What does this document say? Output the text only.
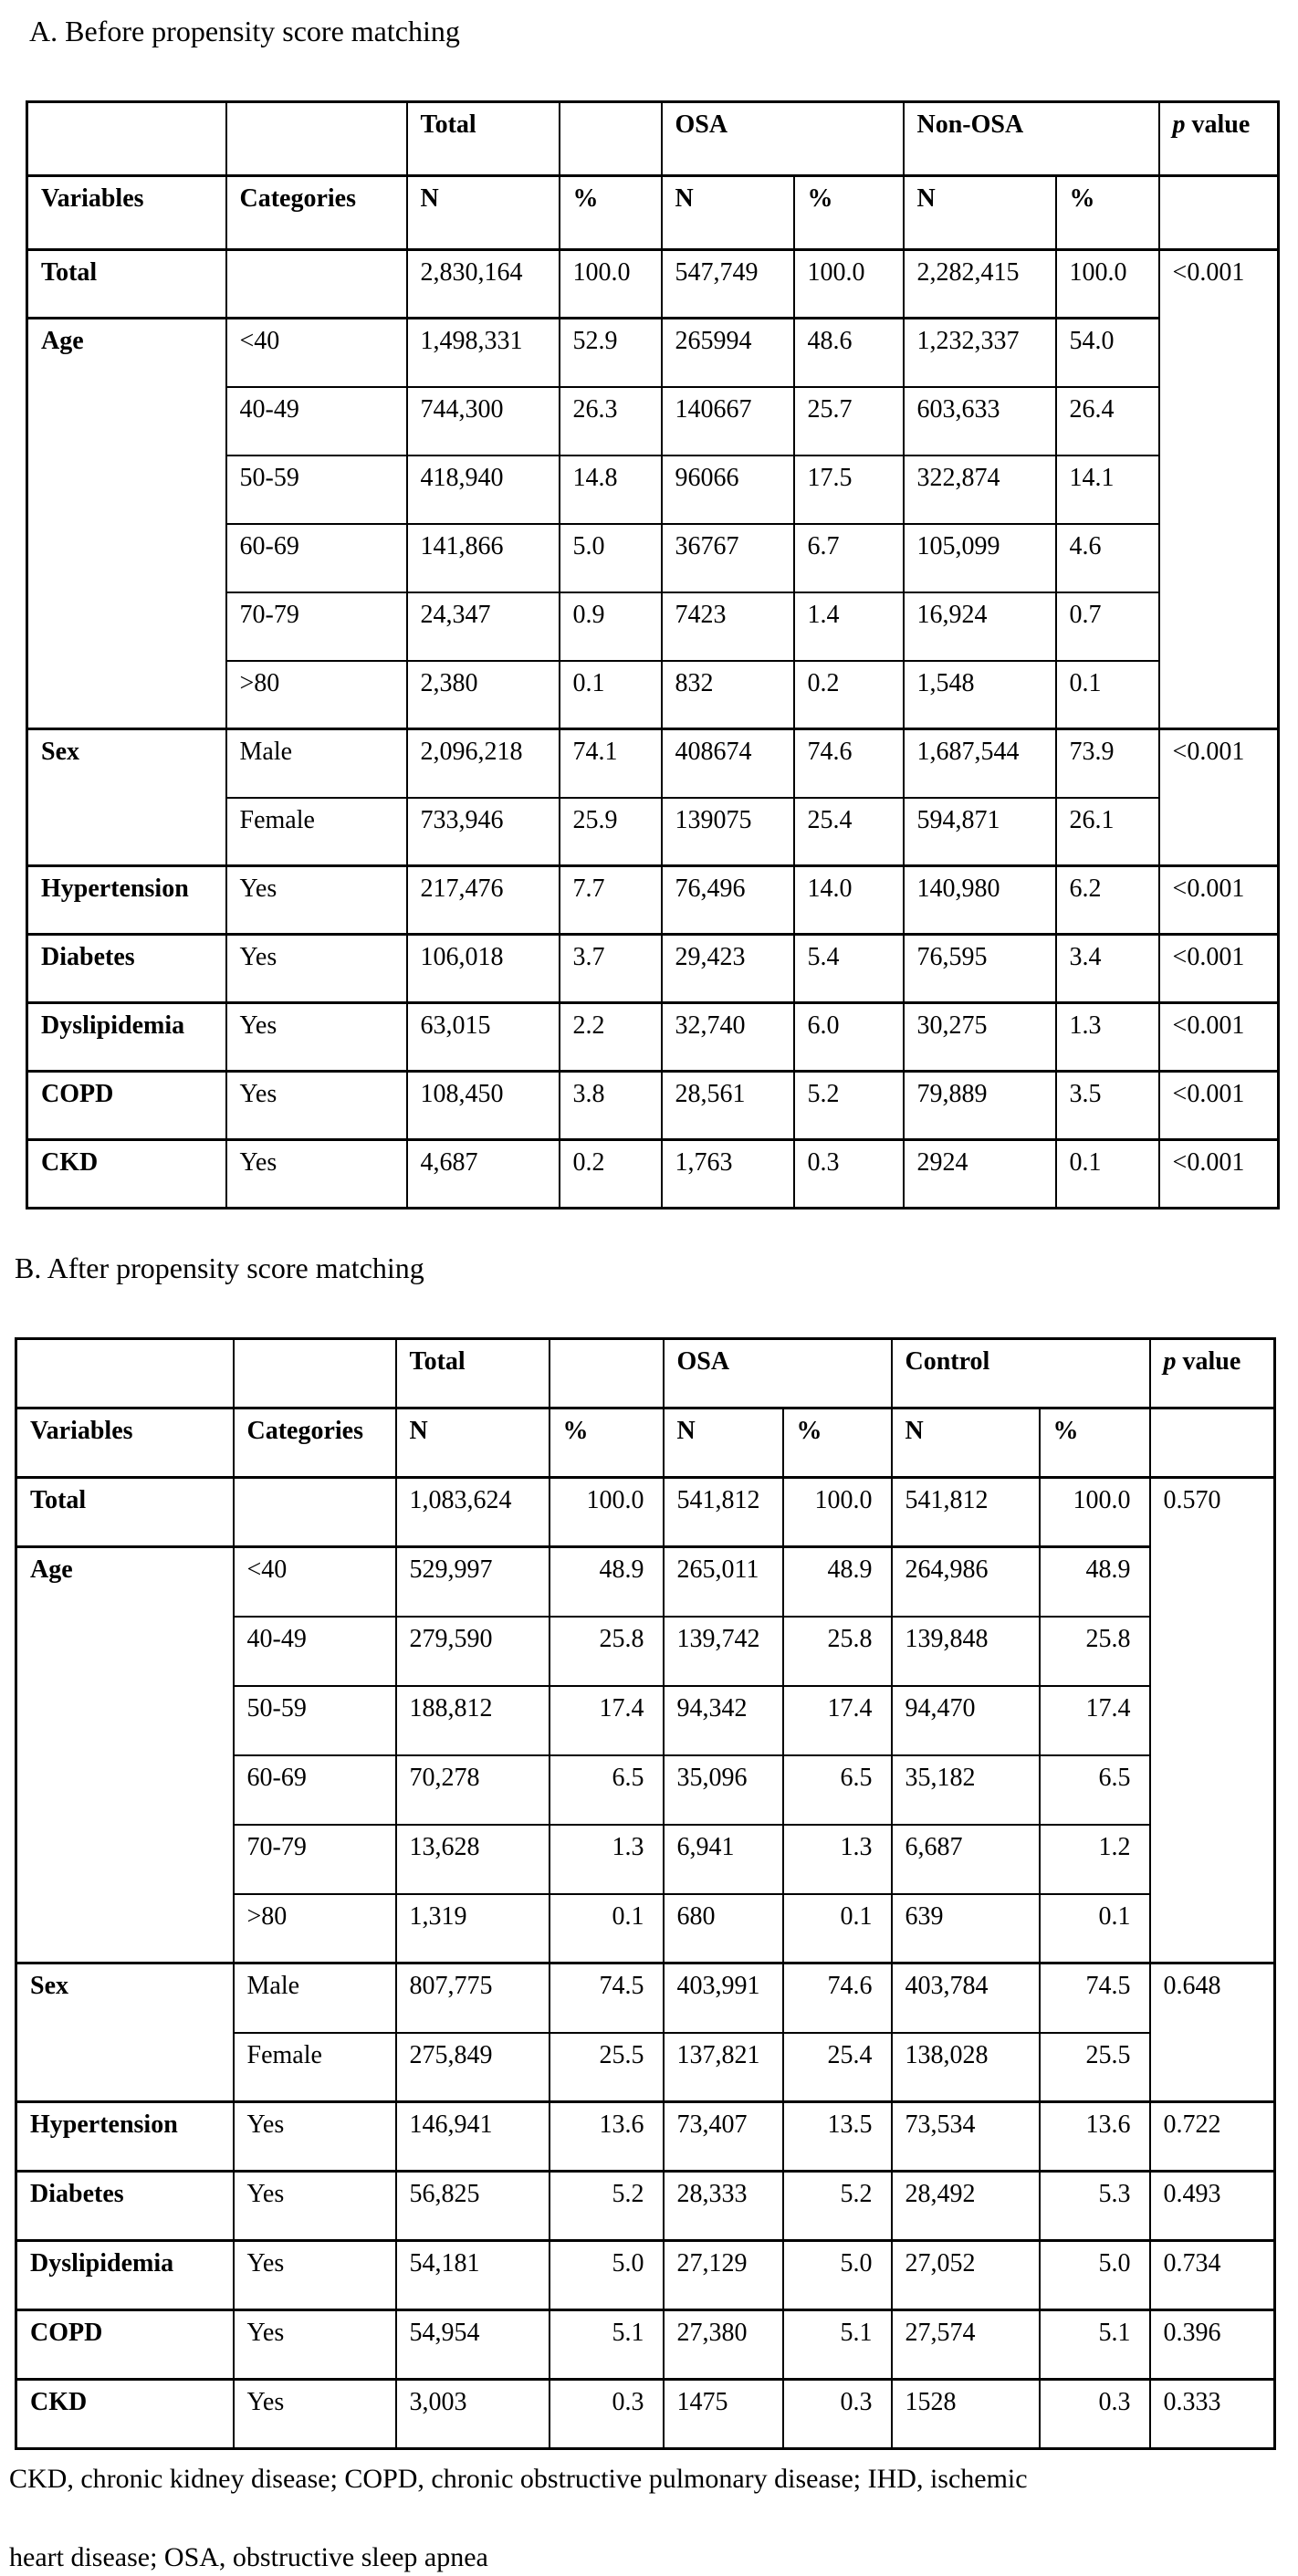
A. Before propensity score matching
		Total		OSA		Non-OSA		p value
Variables	Categories	N	%	N	%	N	%	
Total		2,830,164	100.0	547,749	100.0	2,282,415	100.0	<0.001
Age	<40	1,498,331	52.9	265994	48.6	1,232,337	54.0	
	40-49	744,300	26.3	140667	25.7	603,633	26.4	
	50-59	418,940	14.8	96066	17.5	322,874	14.1	
	60-69	141,866	5.0	36767	6.7	105,099	4.6	
	70-79	24,347	0.9	7423	1.4	16,924	0.7	
	>80	2,380	0.1	832	0.2	1,548	0.1	
Sex	Male	2,096,218	74.1	408674	74.6	1,687,544	73.9	<0.001
	Female	733,946	25.9	139075	25.4	594,871	26.1	
Hypertension	Yes	217,476	7.7	76,496	14.0	140,980	6.2	<0.001
Diabetes	Yes	106,018	3.7	29,423	5.4	76,595	3.4	<0.001
Dyslipidemia	Yes	63,015	2.2	32,740	6.0	30,275	1.3	<0.001
COPD	Yes	108,450	3.8	28,561	5.2	79,889	3.5	<0.001
CKD	Yes	4,687	0.2	1,763	0.3	2924	0.1	<0.001
B. After propensity score matching
		Total		OSA		Control		p value
Variables	Categories	N	%	N	%	N	%	
Total		1,083,624	100.0	541,812	100.0	541,812	100.0	0.570
Age	<40	529,997	48.9	265,011	48.9	264,986	48.9	
	40-49	279,590	25.8	139,742	25.8	139,848	25.8	
	50-59	188,812	17.4	94,342	17.4	94,470	17.4	
	60-69	70,278	6.5	35,096	6.5	35,182	6.5	
	70-79	13,628	1.3	6,941	1.3	6,687	1.2	
	>80	1,319	0.1	680	0.1	639	0.1	
Sex	Male	807,775	74.5	403,991	74.6	403,784	74.5	0.648
	Female	275,849	25.5	137,821	25.4	138,028	25.5	
Hypertension	Yes	146,941	13.6	73,407	13.5	73,534	13.6	0.722
Diabetes	Yes	56,825	5.2	28,333	5.2	28,492	5.3	0.493
Dyslipidemia	Yes	54,181	5.0	27,129	5.0	27,052	5.0	0.734
COPD	Yes	54,954	5.1	27,380	5.1	27,574	5.1	0.396
CKD	Yes	3,003	0.3	1475	0.3	1528	0.3	0.333
CKD, chronic kidney disease; COPD, chronic obstructive pulmonary disease; IHD, ischemic
heart disease; OSA, obstructive sleep apnea
